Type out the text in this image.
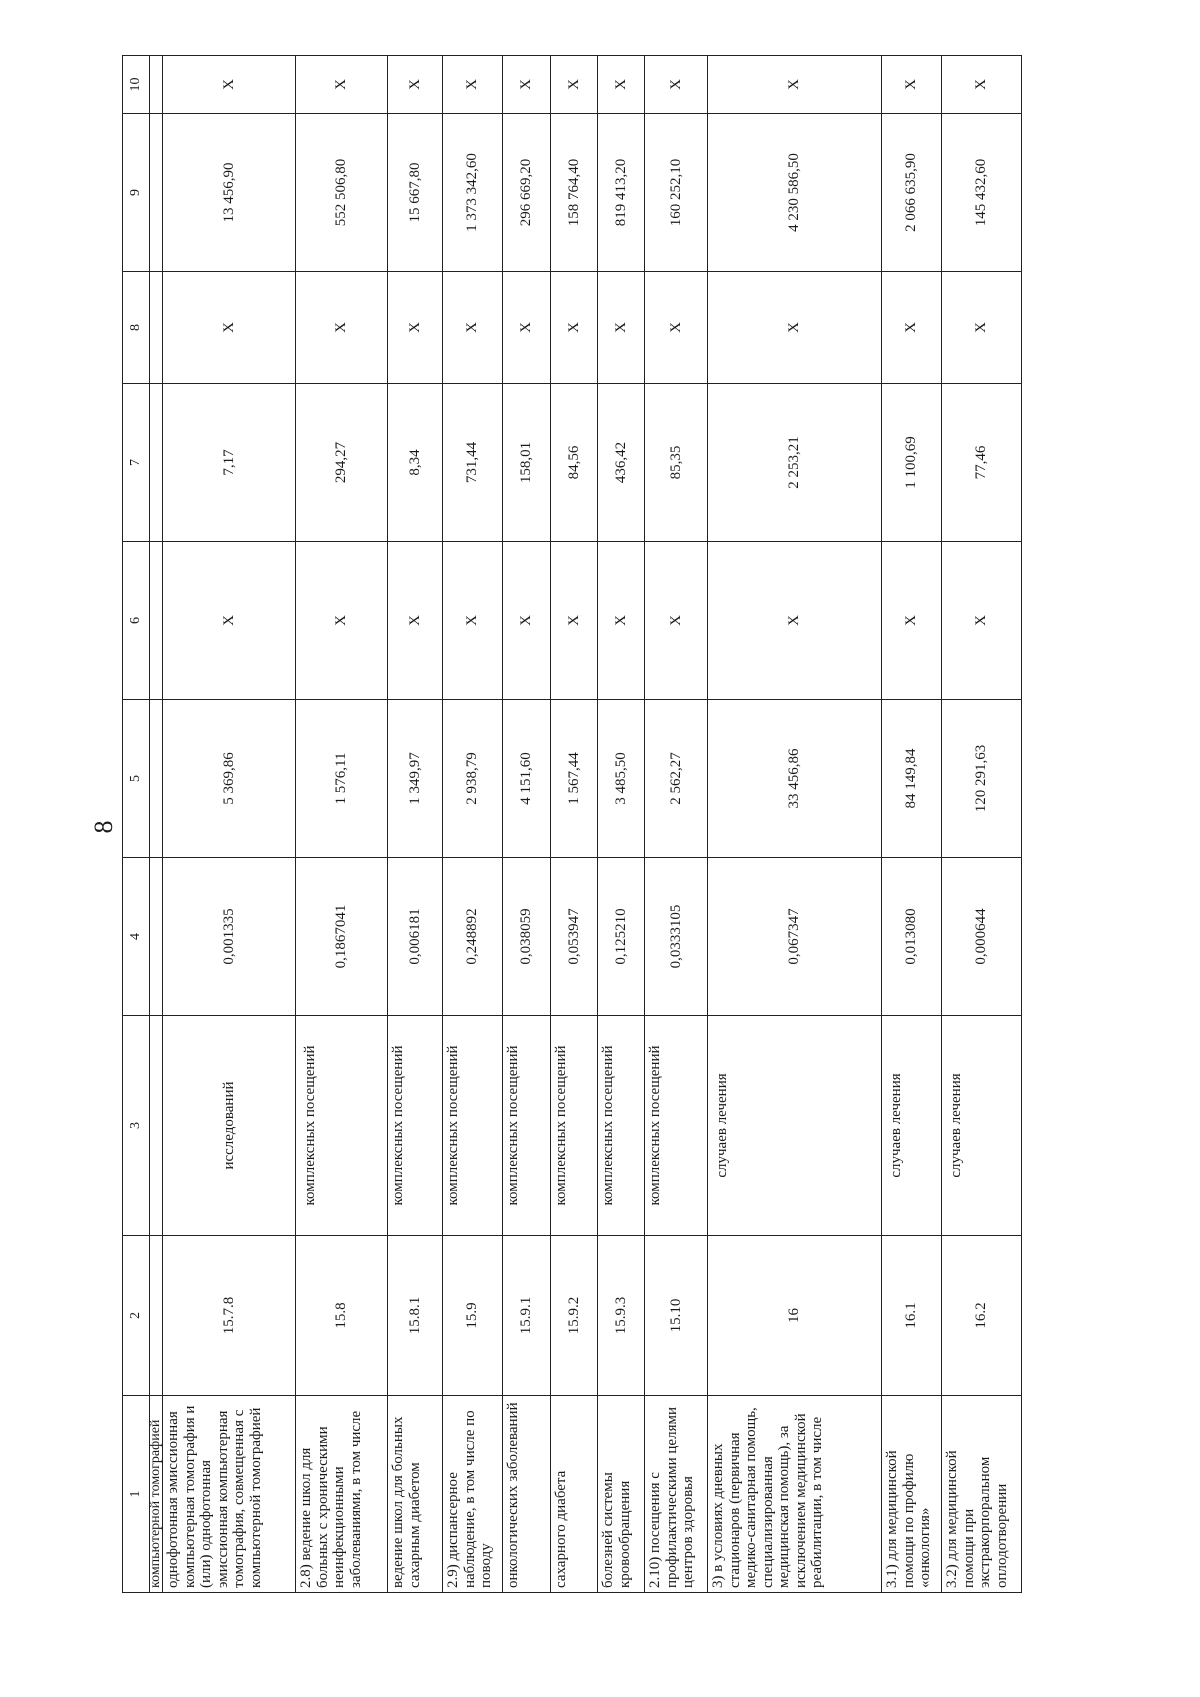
8
1	2	3	4	5	6	7	8	9	10
компьютерной томографией									
однофотонная эмиссионная компьютерная томография и (или) однофотонная эмиссионная компьютерная томография, совмещенная с компьютерной томографией	15.7.8	исследований	0,001335	5 369,86	X	7,17	X	13 456,90	X
2.8) ведение школ для больных с хроническими неинфекционными заболеваниями, в том числе	15.8	комплексных посещений	0,1867041	1 576,11	X	294,27	X	552 506,80	X
ведение школ для больных сахарным диабетом	15.8.1	комплексных посещений	0,006181	1 349,97	X	8,34	X	15 667,80	X
2.9) диспансерное наблюдение, в том числе по поводу	15.9	комплексных посещений	0,248892	2 938,79	X	731,44	X	1 373 342,60	X
онкологических заболеваний	15.9.1	комплексных посещений	0,038059	4 151,60	X	158,01	X	296 669,20	X
сахарного диабета	15.9.2	комплексных посещений	0,053947	1 567,44	X	84,56	X	158 764,40	X
болезней системы кровообращения	15.9.3	комплексных посещений	0,125210	3 485,50	X	436,42	X	819 413,20	X
2.10) посещения с профилактическими целями центров здоровья	15.10	комплексных посещений	0,0333105	2 562,27	X	85,35	X	160 252,10	X
3) в условиях дневных стационаров (первичная медико-санитарная помощь, специализированная медицинская помощь), за исключением медицинской реабилитации, в том числе	16	случаев лечения	0,067347	33 456,86	X	2 253,21	X	4 230 586,50	X
3.1) для медицинской помощи по профилю «онкология»	16.1	случаев лечения	0,013080	84 149,84	X	1 100,69	X	2 066 635,90	X
3.2) для медицинской помощи при экстракорпоральном оплодотворении	16.2	случаев лечения	0,000644	120 291,63	X	77,46	X	145 432,60	X
